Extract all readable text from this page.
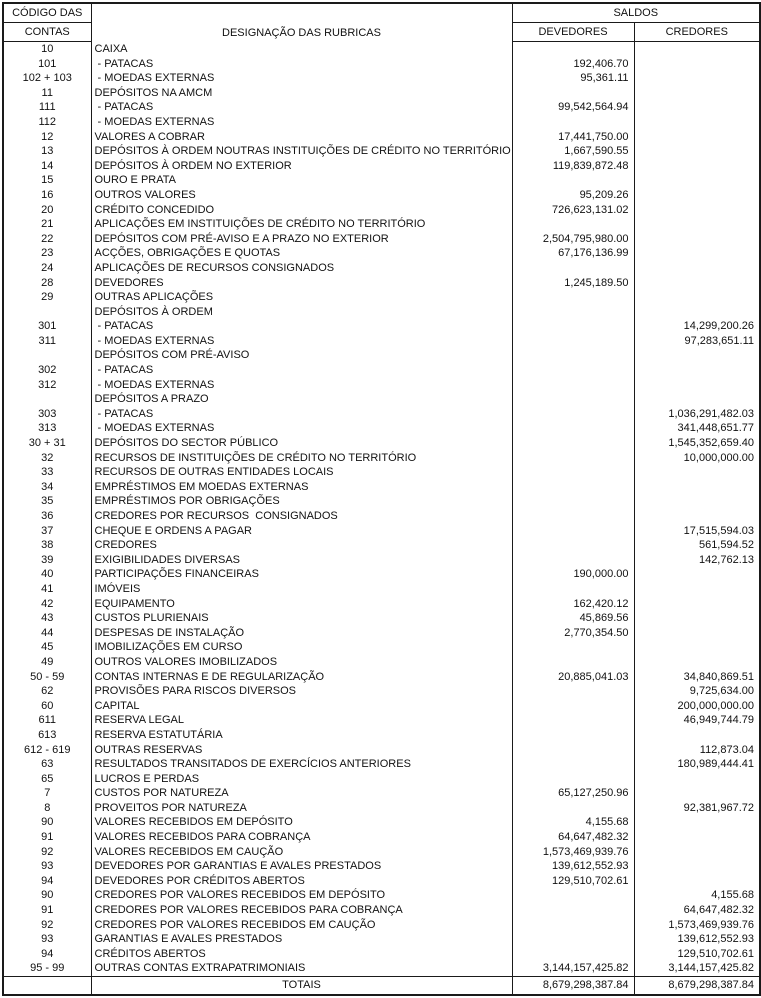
CÓDIGO DAS	DESIGNAÇÃO DAS RUBRICAS	SALDOS	
CONTAS		DEVEDORES	CREDORES
10	CAIXA		
101	- PATACAS	192,406.70	
102 + 103	- MOEDAS EXTERNAS	95,361.11	
11	DEPÓSITOS NA AMCM		
111	- PATACAS	99,542,564.94	
112	- MOEDAS EXTERNAS		
12	VALORES A COBRAR	17,441,750.00	
13	DEPÓSITOS À ORDEM NOUTRAS INSTITUIÇÕES DE CRÉDITO NO TERRITÓRIO	1,667,590.55	
14	DEPÓSITOS À ORDEM NO EXTERIOR	119,839,872.48	
15	OURO E PRATA		
16	OUTROS VALORES	95,209.26	
20	CRÉDITO CONCEDIDO	726,623,131.02	
21	APLICAÇÕES EM INSTITUIÇÕES DE CRÉDITO NO TERRITÓRIO		
22	DEPÓSITOS COM PRÉ-AVISO E A PRAZO NO EXTERIOR	2,504,795,980.00	
23	ACÇÕES, OBRIGAÇÕES E QUOTAS	67,176,136.99	
24	APLICAÇÕES DE RECURSOS CONSIGNADOS		
28	DEVEDORES	1,245,189.50	
29	OUTRAS APLICAÇÕES		
	DEPÓSITOS À ORDEM		
301	- PATACAS		14,299,200.26
311	- MOEDAS EXTERNAS		97,283,651.11
	DEPÓSITOS COM PRÉ-AVISO		
302	- PATACAS		
312	- MOEDAS EXTERNAS		
	DEPÓSITOS A PRAZO		
303	- PATACAS		1,036,291,482.03
313	- MOEDAS EXTERNAS		341,448,651.77
30 + 31	DEPÓSITOS DO SECTOR PÚBLICO		1,545,352,659.40
32	RECURSOS DE INSTITUIÇÕES DE CRÉDITO NO TERRITÓRIO		10,000,000.00
33	RECURSOS DE OUTRAS ENTIDADES LOCAIS		
34	EMPRÉSTIMOS EM MOEDAS EXTERNAS		
35	EMPRÉSTIMOS POR OBRIGAÇÕES		
36	CREDORES POR RECURSOS  CONSIGNADOS		
37	CHEQUE E ORDENS A PAGAR		17,515,594.03
38	CREDORES		561,594.52
39	EXIGIBILIDADES DIVERSAS		142,762.13
40	PARTICIPAÇÕES FINANCEIRAS	190,000.00	
41	IMÓVEIS		
42	EQUIPAMENTO	162,420.12	
43	CUSTOS PLURIENAIS	45,869.56	
44	DESPESAS DE INSTALAÇÃO	2,770,354.50	
45	IMOBILIZAÇÕES EM CURSO		
49	OUTROS VALORES IMOBILIZADOS		
50 - 59	CONTAS INTERNAS E DE REGULARIZAÇÃO	20,885,041.03	34,840,869.51
62	PROVISÕES PARA RISCOS DIVERSOS		9,725,634.00
60	CAPITAL		200,000,000.00
611	RESERVA LEGAL		46,949,744.79
613	RESERVA ESTATUTÁRIA		
612 - 619	OUTRAS RESERVAS		112,873.04
63	RESULTADOS TRANSITADOS DE EXERCÍCIOS ANTERIORES		180,989,444.41
65	LUCROS E PERDAS		
7	CUSTOS POR NATUREZA	65,127,250.96	
8	PROVEITOS POR NATUREZA		92,381,967.72
90	VALORES RECEBIDOS EM DEPÓSITO	4,155.68	
91	VALORES RECEBIDOS PARA COBRANÇA	64,647,482.32	
92	VALORES RECEBIDOS EM CAUÇÃO	1,573,469,939.76	
93	DEVEDORES POR GARANTIAS E AVALES PRESTADOS	139,612,552.93	
94	DEVEDORES POR CRÉDITOS ABERTOS	129,510,702.61	
90	CREDORES POR VALORES RECEBIDOS EM DEPÓSITO		4,155.68
91	CREDORES POR VALORES RECEBIDOS PARA COBRANÇA		64,647,482.32
92	CREDORES POR VALORES RECEBIDOS EM CAUÇÃO		1,573,469,939.76
93	GARANTIAS E AVALES PRESTADOS		139,612,552.93
94	CRÉDITOS ABERTOS		129,510,702.61
95 - 99	OUTRAS CONTAS EXTRAPATRIMONIAIS	3,144,157,425.82	3,144,157,425.82
	TOTAIS	8,679,298,387.84	8,679,298,387.84
